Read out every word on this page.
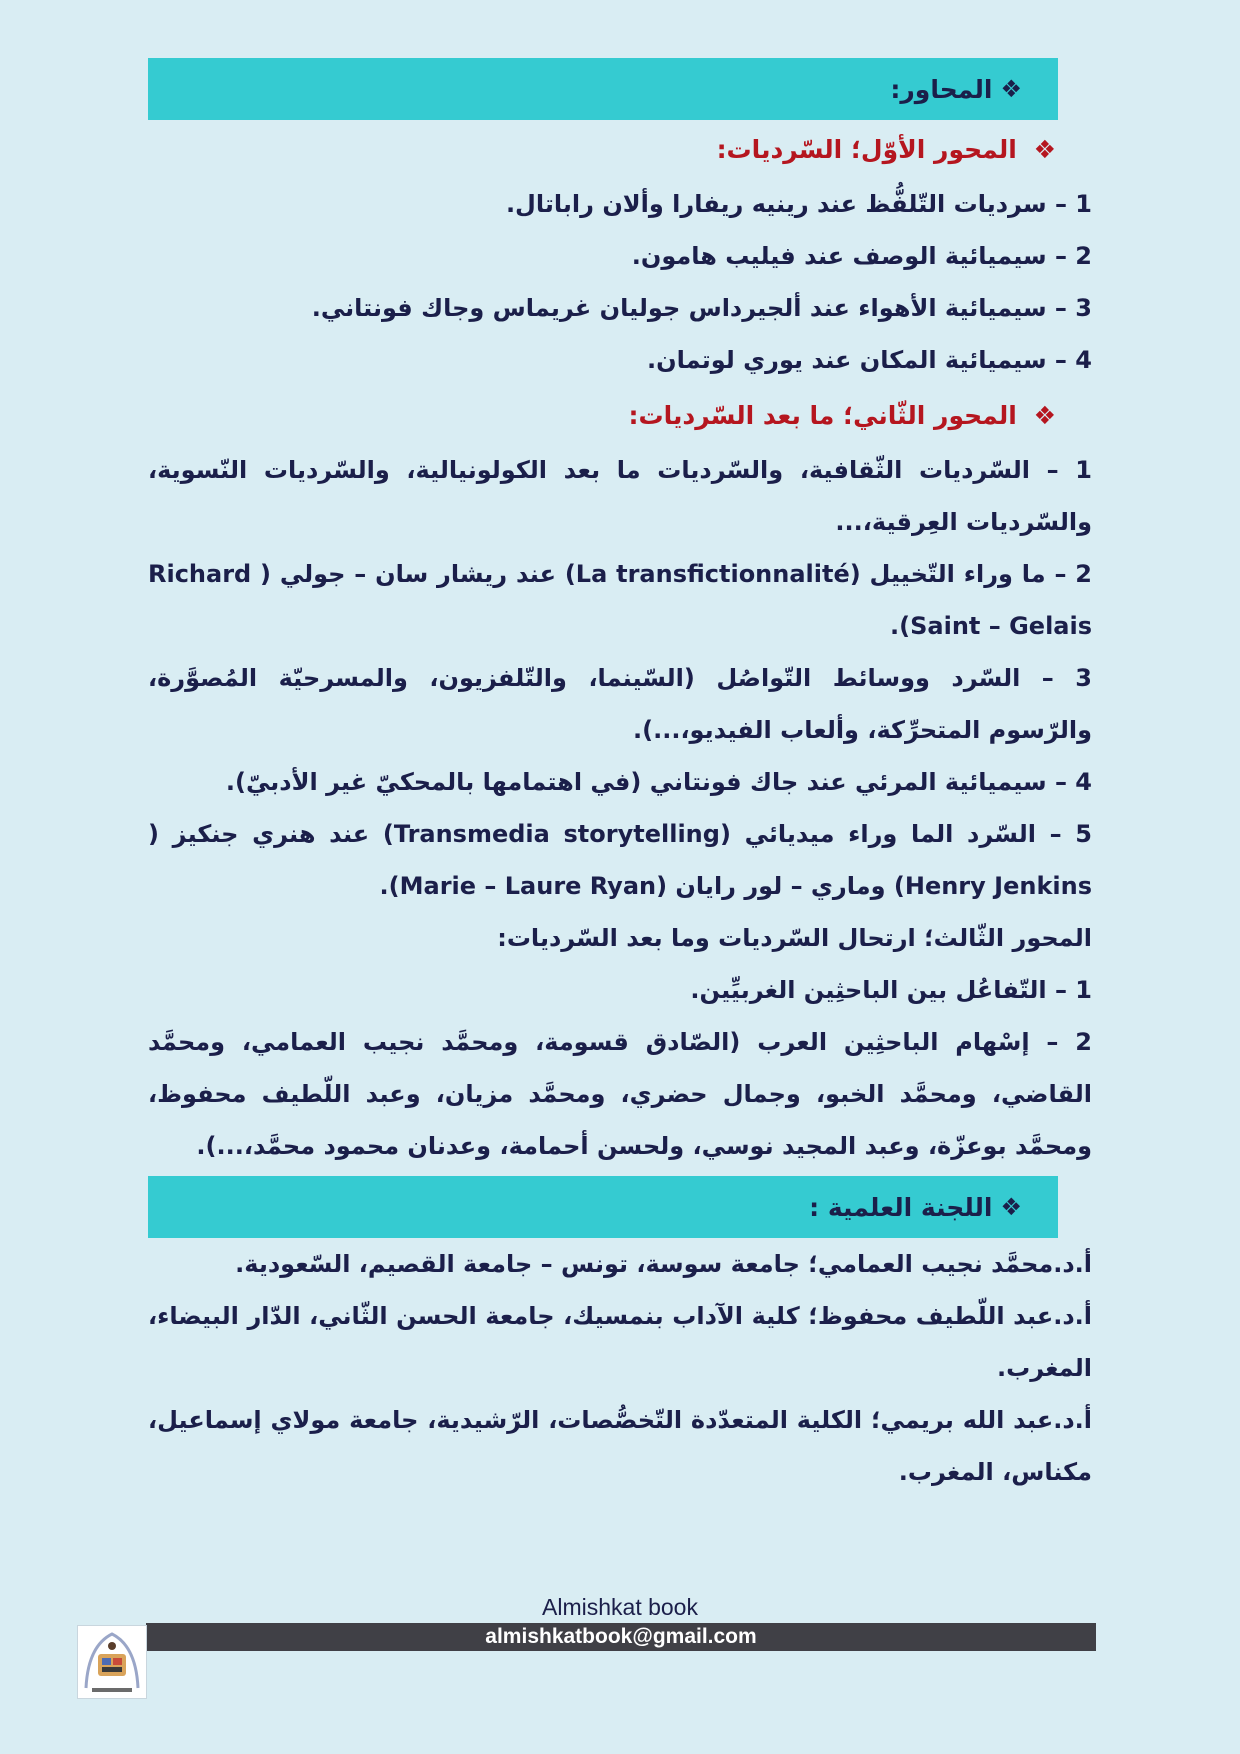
❖
المحاور:
❖ المحور الأوّل؛ السّرديات:

1 – سرديات التّلفُّظ عند رينيه ريفارا وألان راباتال.

2 – سيميائية الوصف عند فيليب هامون.

3 – سيميائية الأهواء عند ألجيرداس جوليان غريماس وجاك فونتاني.

4 – سيميائية المكان عند يوري لوتمان.

❖ المحور الثّاني؛ ما بعد السّرديات:

1 – السّرديات الثّقافية، والسّرديات ما بعد الكولونيالية، والسّرديات النّسوية، والسّرديات العِرقية،...

2 – ما وراء التّخييل (La transfictionnalité) عند ريشار سان – جولي ( Richard Saint – Gelais).

3 – السّرد ووسائط التّواصُل (السّينما، والتّلفزيون، والمسرحيّة المُصوَّرة، والرّسوم المتحرِّكة، وألعاب الفيديو،...).

4 – سيميائية المرئي عند جاك فونتاني (في اهتمامها بالمحكيّ غير الأدبيّ).

5 – السّرد الما وراء ميديائي (Transmedia storytelling) عند هنري جنكيز ( Henry Jenkins) وماري – لور رايان (Marie – Laure Ryan).

المحور الثّالث؛ ارتحال السّرديات وما بعد السّرديات:

1 – التّفاعُل بين الباحثِين الغربيِّين.

2 – إسْهام الباحثِين العرب (الصّادق قسومة، ومحمَّد نجيب العمامي، ومحمَّد القاضي، ومحمَّد الخبو، وجمال حضري، ومحمَّد مزيان، وعبد اللّطيف محفوظ، ومحمَّد بوعزّة، وعبد المجيد نوسي، ولحسن أحمامة، وعدنان محمود محمَّد،...).

❖
اللجنة العلمية :

أ.د.محمَّد نجيب العمامي؛ جامعة سوسة، تونس – جامعة القصيم، السّعودية.

أ.د.عبد اللّطيف محفوظ؛ كلية الآداب بنمسيك، جامعة الحسن الثّاني، الدّار البيضاء، المغرب.

أ.د.عبد الله بريمي؛ الكلية المتعدّدة التّخصُّصات، الرّشيدية، جامعة مولاي إسماعيل، مكناس، المغرب.

Almishkat book
almishkatbook@gmail.com
